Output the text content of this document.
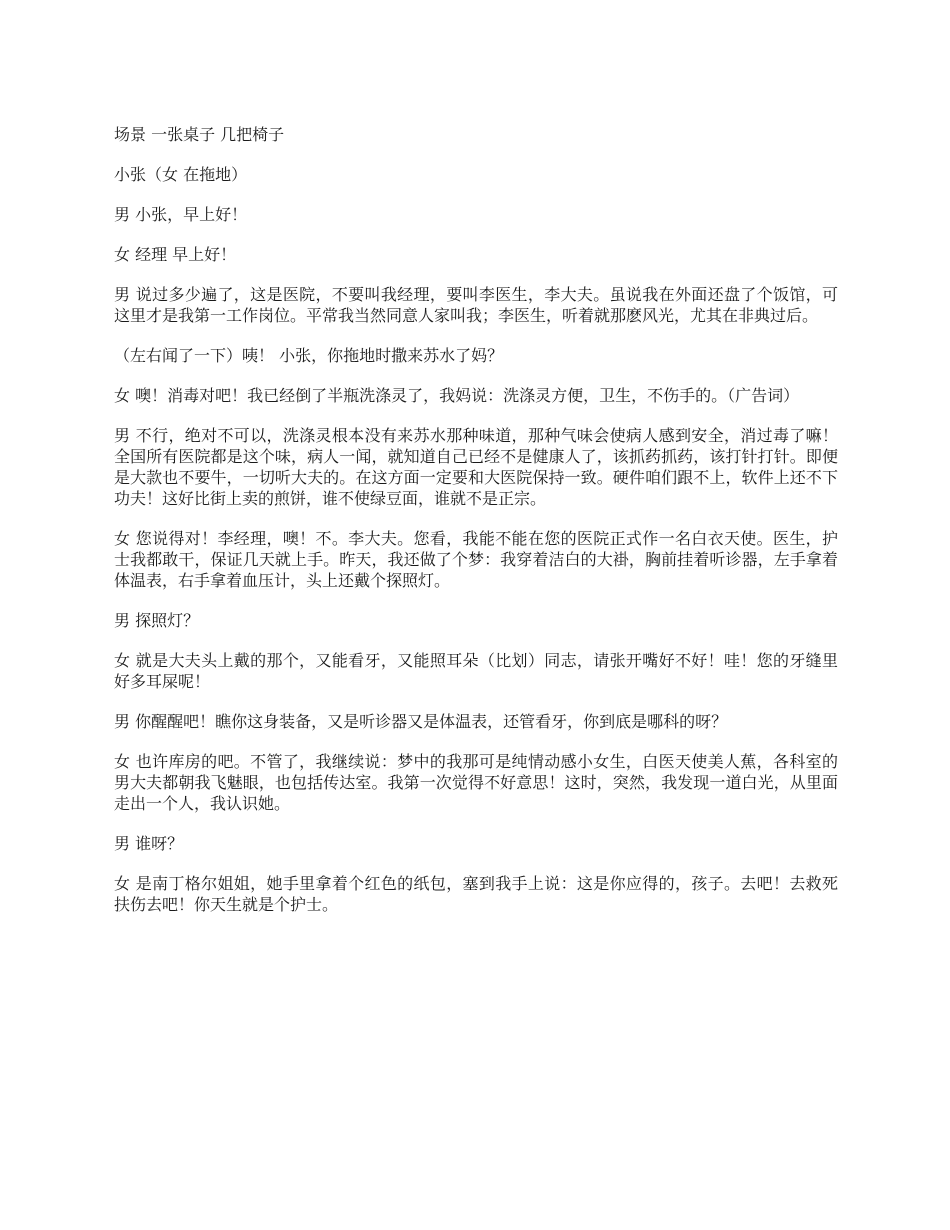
场景 一张桌子 几把椅子

小张（女 在拖地）

男 小张，早上好！

女 经理 早上好！

男 说过多少遍了，这是医院，不要叫我经理，要叫李医生，李大夫。虽说我在外面还盘了个饭馆，可这里才是我第一工作岗位。平常我当然同意人家叫我；李医生，听着就那麽风光，尤其在非典过后。

（左右闻了一下）咦！ 小张，你拖地时撒来苏水了妈？

女 噢！消毒对吧！我已经倒了半瓶洗涤灵了，我妈说：洗涤灵方便，卫生，不伤手的。（广告词）

男 不行，绝对不可以，洗涤灵根本没有来苏水那种味道，那种气味会使病人感到安全，消过毒了嘛！全国所有医院都是这个味，病人一闻，就知道自己已经不是健康人了，该抓药抓药，该打针打针。即便是大款也不要牛，一切听大夫的。在这方面一定要和大医院保持一致。硬件咱们跟不上，软件上还不下功夫！这好比街上卖的煎饼，谁不使绿豆面，谁就不是正宗。

女 您说得对！李经理，噢！不。李大夫。您看，我能不能在您的医院正式作一名白衣天使。医生，护士我都敢干，保证几天就上手。昨天，我还做了个梦：我穿着洁白的大褂，胸前挂着听诊器，左手拿着体温表，右手拿着血压计，头上还戴个探照灯。

男 探照灯？

女 就是大夫头上戴的那个，又能看牙，又能照耳朵（比划）同志，请张开嘴好不好！哇！您的牙缝里好多耳屎呢！

男 你醒醒吧！瞧你这身装备，又是听诊器又是体温表，还管看牙，你到底是哪科的呀？

女 也许库房的吧。不管了，我继续说：梦中的我那可是纯情动感小女生，白医天使美人蕉，各科室的男大夫都朝我飞魅眼，也包括传达室。我第一次觉得不好意思！这时，突然，我发现一道白光，从里面走出一个人，我认识她。

男 谁呀？

女 是南丁格尔姐姐，她手里拿着个红色的纸包，塞到我手上说：这是你应得的，孩子。去吧！去救死扶伤去吧！你天生就是个护士。
